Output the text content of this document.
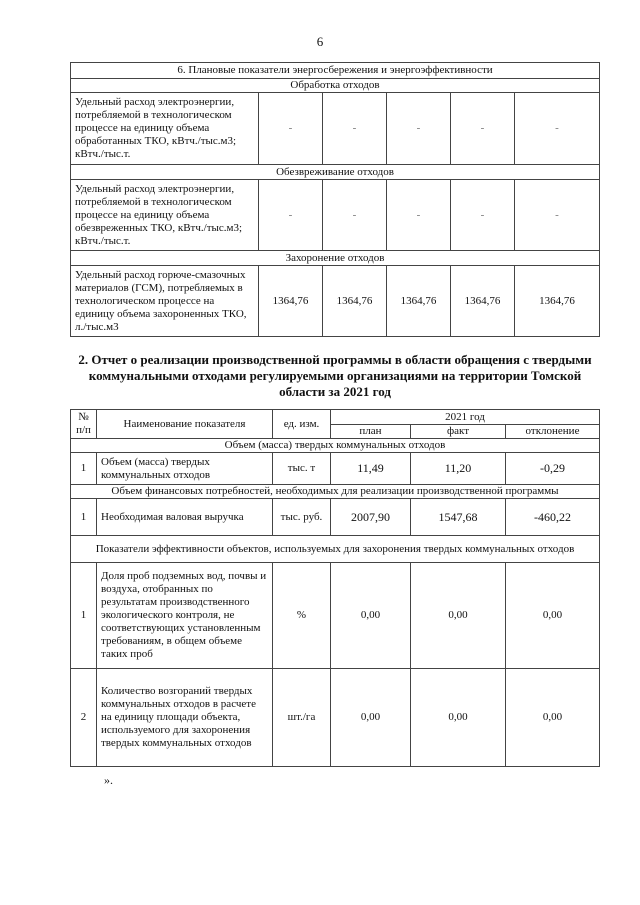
6
6. Плановые показатели энергосбережения и энергоэффективности					
Обработка отходов					
Удельный расход электроэнергии, потребляемой в технологическом процессе на единицу объема обработанных ТКО, кВтч./тыс.м3; кВтч./тыс.т.	-	-	-	-	-
Обезвреживание отходов					
Удельный расход электроэнергии, потребляемой в технологическом процессе на единицу объема обезвреженных ТКО, кВтч./тыс.м3; кВтч./тыс.т.	-	-	-	-	-
Захоронение отходов					
Удельный расход горюче-смазочных материалов (ГСМ), потребляемых в технологическом процессе на единицу объема захороненных ТКО, л./тыс.м3	1364,76	1364,76	1364,76	1364,76	1364,76
2. Отчет о реализации производственной программы в области обращения с твердыми коммунальными отходами регулируемыми организациями на территории Томской области за 2021 год
№ п/п	Наименование показателя	ед. изм.	2021 год		
			план	факт	отклонение
Объем (масса) твердых коммунальных отходов					
1	Объем (масса) твердых коммунальных отходов	тыс. т	11,49	11,20	-0,29
Объем финансовых потребностей, необходимых для реализации производственной программы					
1	Необходимая валовая выручка	тыс. руб.	2007,90	1547,68	-460,22
Показатели эффективности объектов, используемых для захоронения твердых коммунальных отходов					
1	Доля проб подземных вод, почвы и воздуха, отобранных по результатам производственного экологического контроля, не соответствующих установленным требованиям, в общем объеме таких проб	%	0,00	0,00	0,00
2	Количество возгораний твердых коммунальных отходов в расчете на единицу площади объекта, используемого для захоронения твердых коммунальных отходов	шт./га	0,00	0,00	0,00
».
